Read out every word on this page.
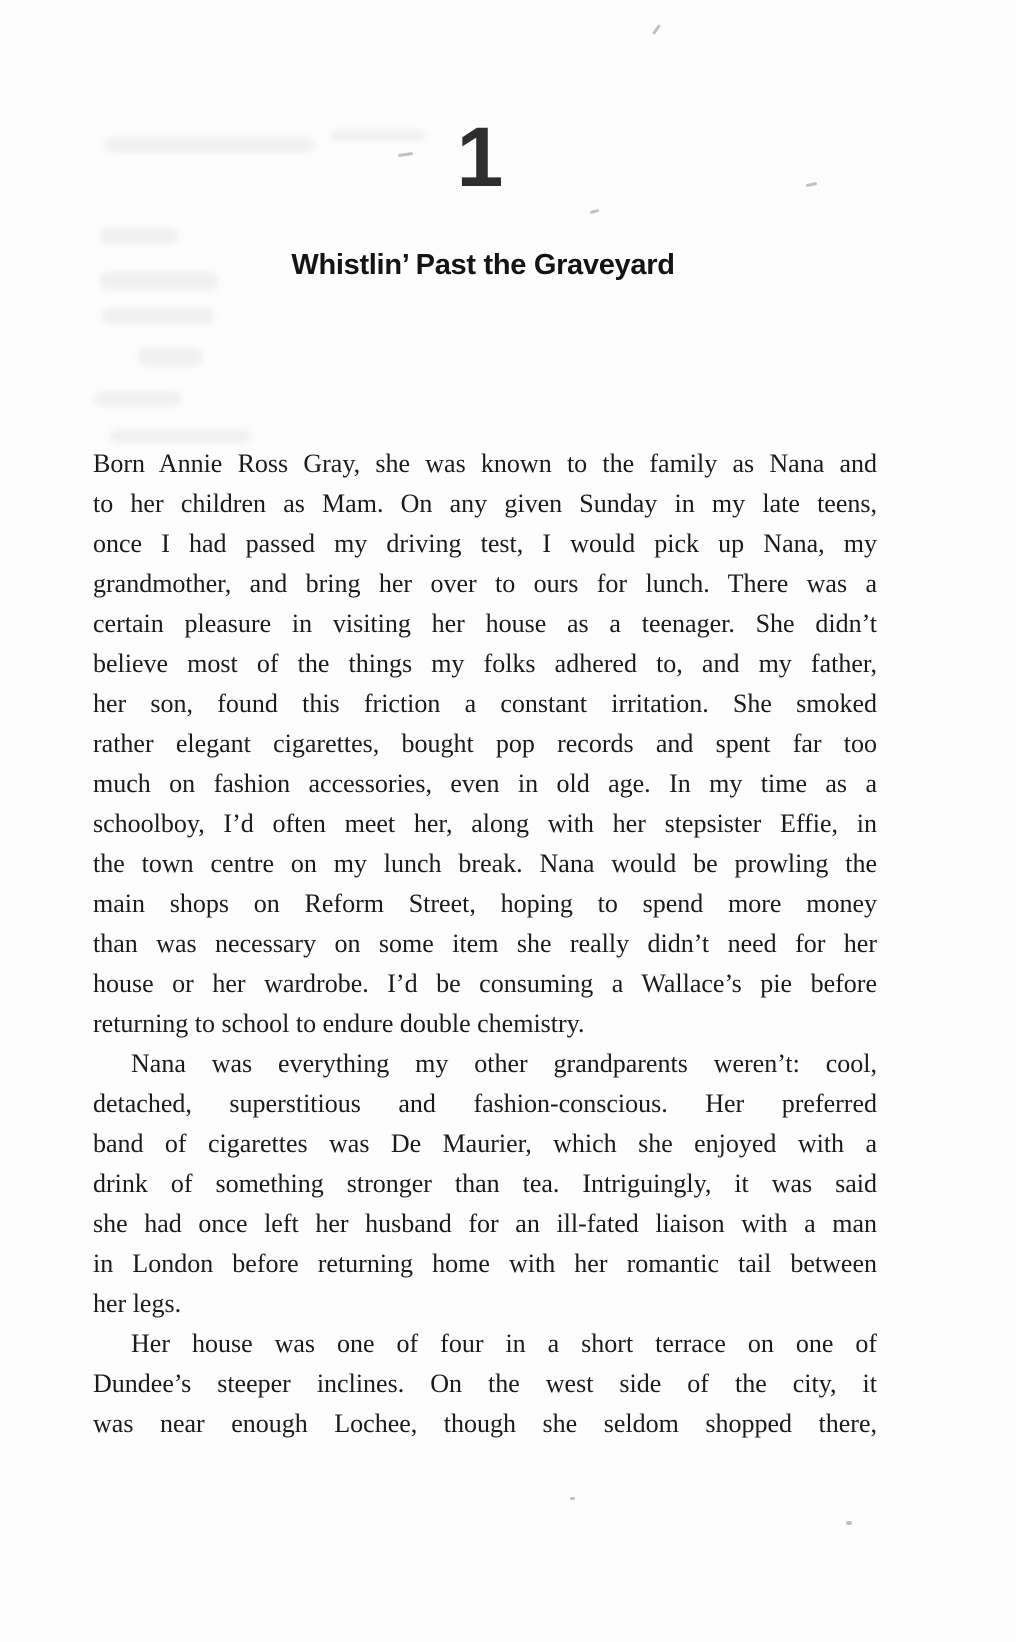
1
Whistlin’ Past the Graveyard
Born Annie Ross Gray, she was known to the family as Nana and
to her children as Mam. On any given Sunday in my late teens,
once I had passed my driving test, I would pick up Nana, my
grandmother, and bring her over to ours for lunch. There was a
certain pleasure in visiting her house as a teenager. She didn’t
believe most of the things my folks adhered to, and my father,
her son, found this friction a constant irritation. She smoked
rather elegant cigarettes, bought pop records and spent far too
much on fashion accessories, even in old age. In my time as a
schoolboy, I’d often meet her, along with her stepsister Effie, in
the town centre on my lunch break. Nana would be prowling the
main shops on Reform Street, hoping to spend more money
than was necessary on some item she really didn’t need for her
house or her wardrobe. I’d be consuming a Wallace’s pie before
returning to school to endure double chemistry.
Nana was everything my other grandparents weren’t: cool,
detached, superstitious and fashion-conscious. Her preferred
band of cigarettes was De Maurier, which she enjoyed with a
drink of something stronger than tea. Intriguingly, it was said
she had once left her husband for an ill-fated liaison with a man
in London before returning home with her romantic tail between
her legs.
Her house was one of four in a short terrace on one of
Dundee’s steeper inclines. On the west side of the city, it
was near enough Lochee, though she seldom shopped there,
